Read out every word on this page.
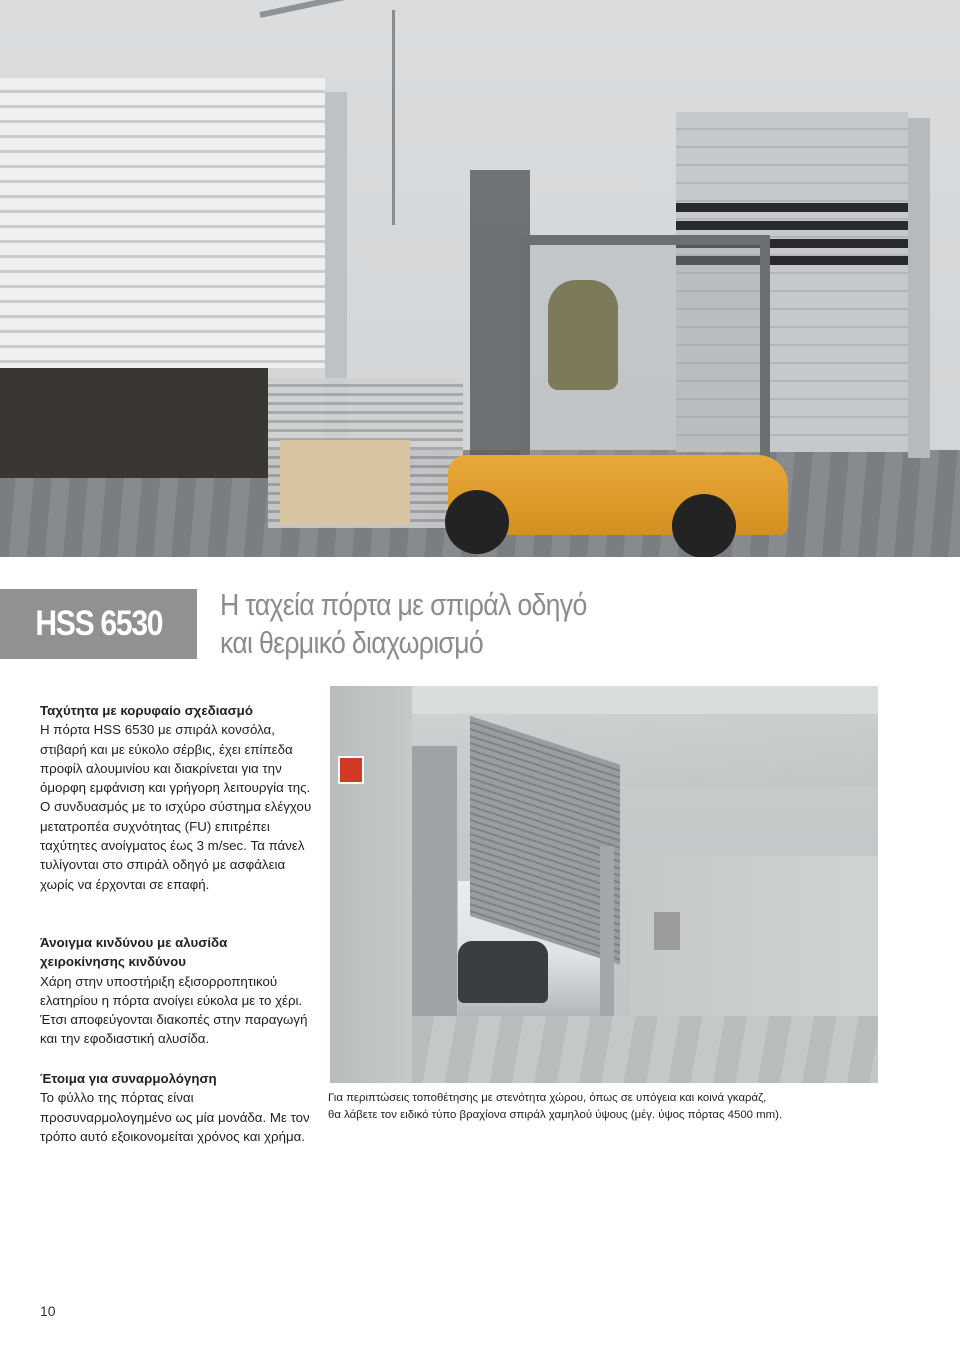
HSS 6530 Η ταχεία πόρτα με σπιράλ οδηγό
και θερμικό διαχωρισμό
Ταχύτητα με κορυφαίο σχεδιασμό

Η πόρτα HSS 6530 με σπιράλ κονσόλα, στιβαρή και με εύκολο σέρβις, έχει επίπεδα προφίλ αλουμινίου και διακρίνεται για την όμορφη εμφάνιση και γρήγορη λειτουργία της. Ο συνδυασμός με το ισχύρο σύστημα ελέγχου μετατροπέα συχνότητας (FU) επιτρέπει ταχύτητες ανοίγματος έως 3 m/sec. Τα πάνελ τυλίγονται στο σπιράλ οδηγό με ασφάλεια χωρίς να έρχονται σε επαφή.

Άνοιγμα κινδύνου με αλυσίδα χειροκίνησης κινδύνου

Χάρη στην υποστήριξη εξισορροπητικού ελατηρίου η πόρτα ανοίγει εύκολα με το χέρι. Έτσι αποφεύγονται διακοπές στην παραγωγή και την εφοδιαστική αλυσίδα.

Έτοιμα για συναρμολόγηση

Το φύλλο της πόρτας είναι προσυναρμολογημένο ως μία μονάδα. Με τον τρόπο αυτό εξοικονομείται χρόνος και χρήμα.

Για περιπτώσεις τοποθέτησης με στενότητα χώρου, όπως σε υπόγεια και κοινά γκαράζ,
θα λάβετε τον ειδικό τύπο βραχίονα σπιράλ χαμηλού ύψους (μέγ. ύψος πόρτας 4500 mm).
10
